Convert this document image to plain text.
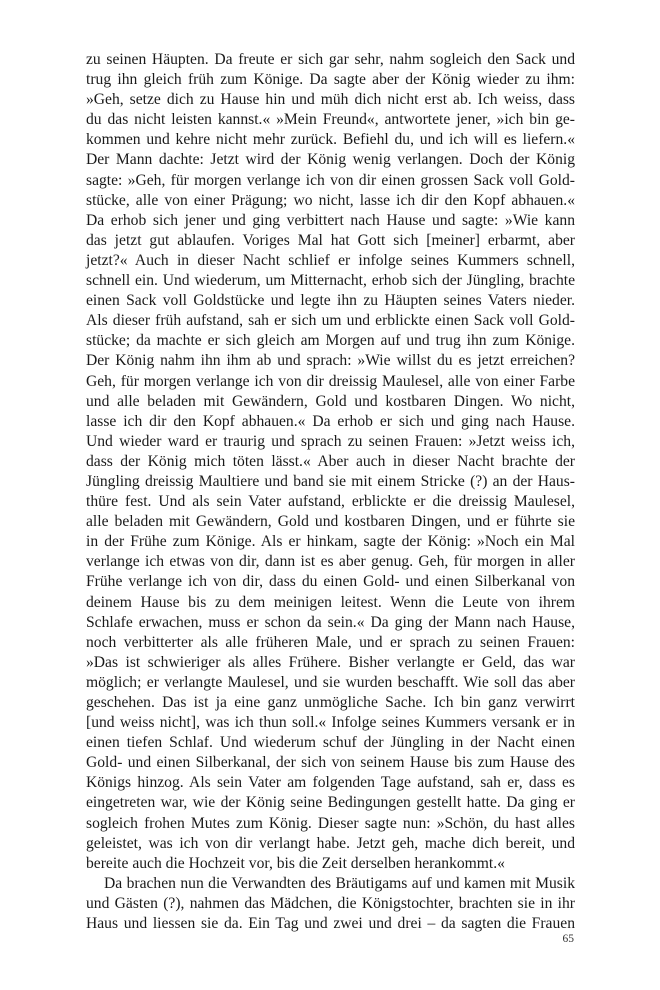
zu seinen Häupten. Da freute er sich gar sehr, nahm sogleich den Sack und
trug ihn gleich früh zum Könige. Da sagte aber der König wieder zu ihm:
»Geh, setze dich zu Hause hin und müh dich nicht erst ab. Ich weiss, dass
du das nicht leisten kannst.« »Mein Freund«, antwortete jener, »ich bin ge-
kommen und kehre nicht mehr zurück. Befiehl du, und ich will es liefern.«
Der Mann dachte: Jetzt wird der König wenig verlangen. Doch der König
sagte: »Geh, für morgen verlange ich von dir einen grossen Sack voll Gold-
stücke, alle von einer Prägung; wo nicht, lasse ich dir den Kopf abhauen.«
Da erhob sich jener und ging verbittert nach Hause und sagte: »Wie kann
das jetzt gut ablaufen. Voriges Mal hat Gott sich [meiner] erbarmt, aber
jetzt?« Auch in dieser Nacht schlief er infolge seines Kummers schnell,
schnell ein. Und wiederum, um Mitternacht, erhob sich der Jüngling, brachte
einen Sack voll Goldstücke und legte ihn zu Häupten seines Vaters nieder.
Als dieser früh aufstand, sah er sich um und erblickte einen Sack voll Gold-
stücke; da machte er sich gleich am Morgen auf und trug ihn zum Könige.
Der König nahm ihn ihm ab und sprach: »Wie willst du es jetzt erreichen?
Geh, für morgen verlange ich von dir dreissig Maulesel, alle von einer Farbe
und alle beladen mit Gewändern, Gold und kostbaren Dingen. Wo nicht,
lasse ich dir den Kopf abhauen.« Da erhob er sich und ging nach Hause.
Und wieder ward er traurig und sprach zu seinen Frauen: »Jetzt weiss ich,
dass der König mich töten lässt.« Aber auch in dieser Nacht brachte der
Jüngling dreissig Maultiere und band sie mit einem Stricke (?) an der Haus-
thüre fest. Und als sein Vater aufstand, erblickte er die dreissig Maulesel,
alle beladen mit Gewändern, Gold und kostbaren Dingen, und er führte sie
in der Frühe zum Könige. Als er hinkam, sagte der König: »Noch ein Mal
verlange ich etwas von dir, dann ist es aber genug. Geh, für morgen in aller
Frühe verlange ich von dir, dass du einen Gold- und einen Silberkanal von
deinem Hause bis zu dem meinigen leitest. Wenn die Leute von ihrem
Schlafe erwachen, muss er schon da sein.« Da ging der Mann nach Hause,
noch verbitterter als alle früheren Male, und er sprach zu seinen Frauen:
»Das ist schwieriger als alles Frühere. Bisher verlangte er Geld, das war
möglich; er verlangte Maulesel, und sie wurden beschafft. Wie soll das aber
geschehen. Das ist ja eine ganz unmögliche Sache. Ich bin ganz verwirrt
[und weiss nicht], was ich thun soll.« Infolge seines Kummers versank er in
einen tiefen Schlaf. Und wiederum schuf der Jüngling in der Nacht einen
Gold- und einen Silberkanal, der sich von seinem Hause bis zum Hause des
Königs hinzog. Als sein Vater am folgenden Tage aufstand, sah er, dass es
eingetreten war, wie der König seine Bedingungen gestellt hatte. Da ging er
sogleich frohen Mutes zum König. Dieser sagte nun: »Schön, du hast alles
geleistet, was ich von dir verlangt habe. Jetzt geh, mache dich bereit, und
bereite auch die Hochzeit vor, bis die Zeit derselben herankommt.«
Da brachen nun die Verwandten des Bräutigams auf und kamen mit Musik
und Gästen (?), nahmen das Mädchen, die Königstochter, brachten sie in ihr
Haus und liessen sie da. Ein Tag und zwei und drei – da sagten die Frauen
65
